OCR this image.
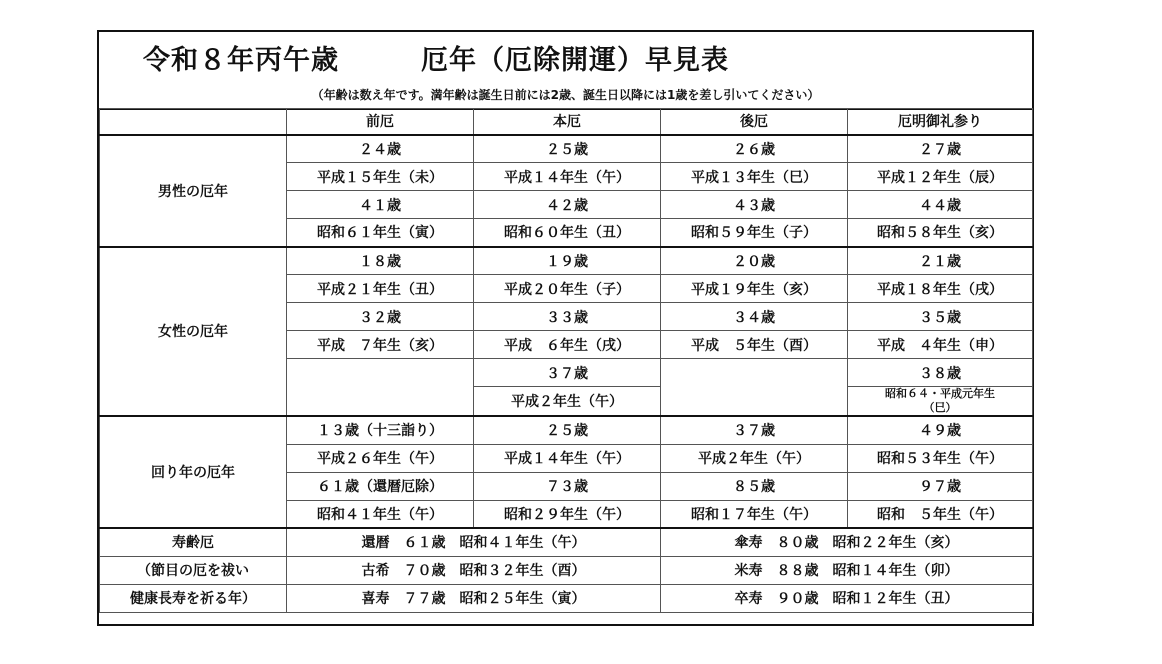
令和８年丙午歳	厄年（厄除開運）早見表
（年齢は数え年です。満年齢は誕生日前には2歳、誕生日以降には1歳を差し引いてください）
	前厄	本厄	後厄	厄明御礼参り
男性の厄年	２４歳	２５歳	２６歳	２７歳
	平成１５年生（未）	平成１４年生（午）	平成１３年生（巳）	平成１２年生（辰）
	４１歳	４２歳	４３歳	４４歳
	昭和６１年生（寅）	昭和６０年生（丑）	昭和５９年生（子）	昭和５８年生（亥）
女性の厄年	１８歳	１９歳	２０歳	２１歳
	平成２１年生（丑）	平成２０年生（子）	平成１９年生（亥）	平成１８年生（戌）
	３２歳	３３歳	３４歳	３５歳
	平成　７年生（亥）	平成　６年生（戌）	平成　５年生（酉）	平成　４年生（申）
		３７歳		３８歳
		平成２年生（午）		昭和６４・平成元年生
（巳）

回り年の厄年	１３歳（十三詣り）	２５歳	３７歳	４９歳
	平成２６年生（午）	平成１４年生（午）	平成２年生（午）	昭和５３年生（午）
	６１歳（還暦厄除）	７３歳	８５歳	９７歳
	昭和４１年生（午）	昭和２９年生（午）	昭和１７年生（午）	昭和　５年生（午）
寿齢厄	還暦　６１歳　昭和４１年生（午）		傘寿　８０歳　昭和２２年生（亥）	
（節目の厄を祓い	古希　７０歳　昭和３２年生（酉）		米寿　８８歳　昭和１４年生（卯）	
健康長寿を祈る年）	喜寿　７７歳　昭和２５年生（寅）		卒寿　９０歳　昭和１２年生（丑）	
